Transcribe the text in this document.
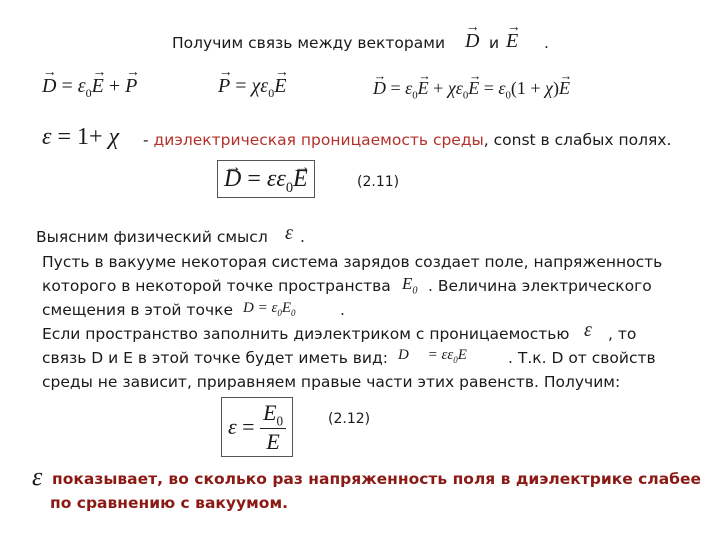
Получим связь между векторами → D и → E .
→ $D = \varepsilon_0\to E$ + → P	→ $P = \chi\varepsilon_0\to E$	→ $D = \varepsilon_0\to E + \chi\varepsilon_0\to E = \varepsilon_0(1 + \chi)\to E$
ε = 1+ χ - диэлектрическая проницаемость среды, const в слабых полях.
→ $D = \varepsilon\varepsilon_0\to E$	(2.11)
Выясним физический смысл ε .
Пусть в вакууме некоторая система зарядов создает поле, напряженность
которого в некоторой точке пространства $E_0$ . Величина электрического
смещения в этой точке $D = \varepsilon_0E_0$	.
Если пространство заполнить диэлектриком с проницаемостью ε , то
связь D и E в этой точке будет иметь вид: D     = $\varepsilon\varepsilon_0E$	. Т.к. D от свойств
среды не зависит, приравняем правые части этих равенств. Получим:
$\varepsilon = \frac{E_0}{E}$	(2.12)
ε показывает, во сколько раз напряженность поля в диэлектрике слабее
по сравнению с вакуумом.
